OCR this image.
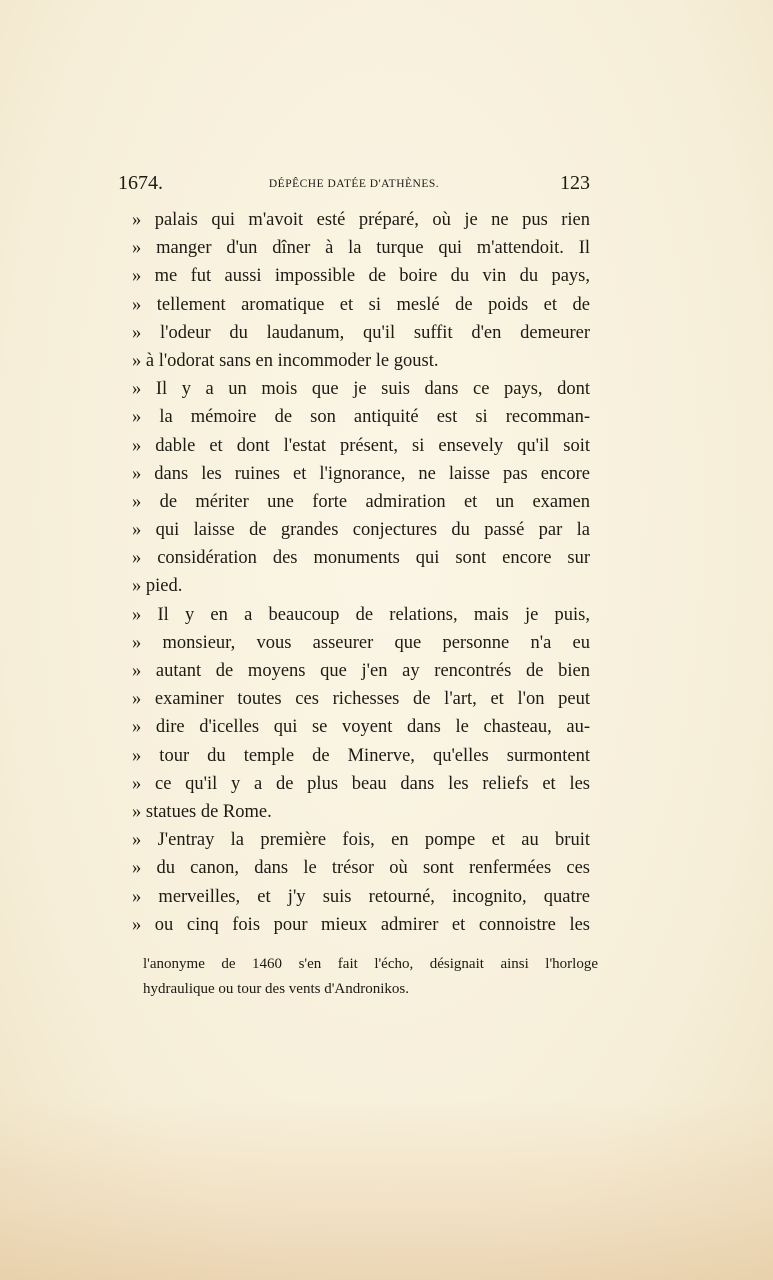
1674.	DÉPÊCHE DATÉE D'ATHÈNES.	123
» palais qui m'avoit esté préparé, où je ne pus rien
» manger d'un dîner à la turque qui m'attendoit. Il
» me fut aussi impossible de boire du vin du pays,
» tellement aromatique et si meslé de poids et de
» l'odeur du laudanum, qu'il suffit d'en demeurer
» à l'odorat sans en incommoder le goust.
» Il y a un mois que je suis dans ce pays, dont
» la mémoire de son antiquité est si recomman-
» dable et dont l'estat présent, si ensevely qu'il soit
» dans les ruines et l'ignorance, ne laisse pas encore
» de mériter une forte admiration et un examen
» qui laisse de grandes conjectures du passé par la
» considération des monuments qui sont encore sur
» pied.
» Il y en a beaucoup de relations, mais je puis,
» monsieur, vous asseurer que personne n'a eu
» autant de moyens que j'en ay rencontrés de bien
» examiner toutes ces richesses de l'art, et l'on peut
» dire d'icelles qui se voyent dans le chasteau, au-
» tour du temple de Minerve, qu'elles surmontent
» ce qu'il y a de plus beau dans les reliefs et les
» statues de Rome.
» J'entray la première fois, en pompe et au bruit
» du canon, dans le trésor où sont renfermées ces
» merveilles, et j'y suis retourné, incognito, quatre
» ou cinq fois pour mieux admirer et connoistre les
l'anonyme de 1460 s'en fait l'écho, désignait ainsi l'horloge
hydraulique ou tour des vents d'Andronikos.
